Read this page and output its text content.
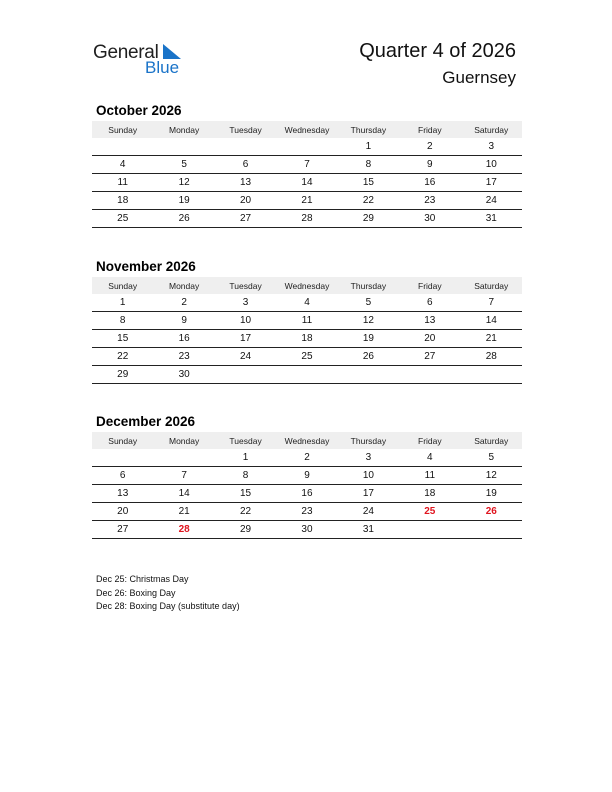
General
Blue
Quarter 4 of 2026
Guernsey
October 2026
Sunday	Monday	Tuesday	Wednesday	Thursday	Friday	Saturday
				1	2	3
4	5	6	7	8	9	10
11	12	13	14	15	16	17
18	19	20	21	22	23	24
25	26	27	28	29	30	31
November 2026
Sunday	Monday	Tuesday	Wednesday	Thursday	Friday	Saturday
1	2	3	4	5	6	7
8	9	10	11	12	13	14
15	16	17	18	19	20	21
22	23	24	25	26	27	28
29	30					
December 2026
Sunday	Monday	Tuesday	Wednesday	Thursday	Friday	Saturday
		1	2	3	4	5
6	7	8	9	10	11	12
13	14	15	16	17	18	19
20	21	22	23	24	25	26
27	28	29	30	31		
Dec 25: Christmas Day
Dec 26: Boxing Day
Dec 28: Boxing Day (substitute day)
